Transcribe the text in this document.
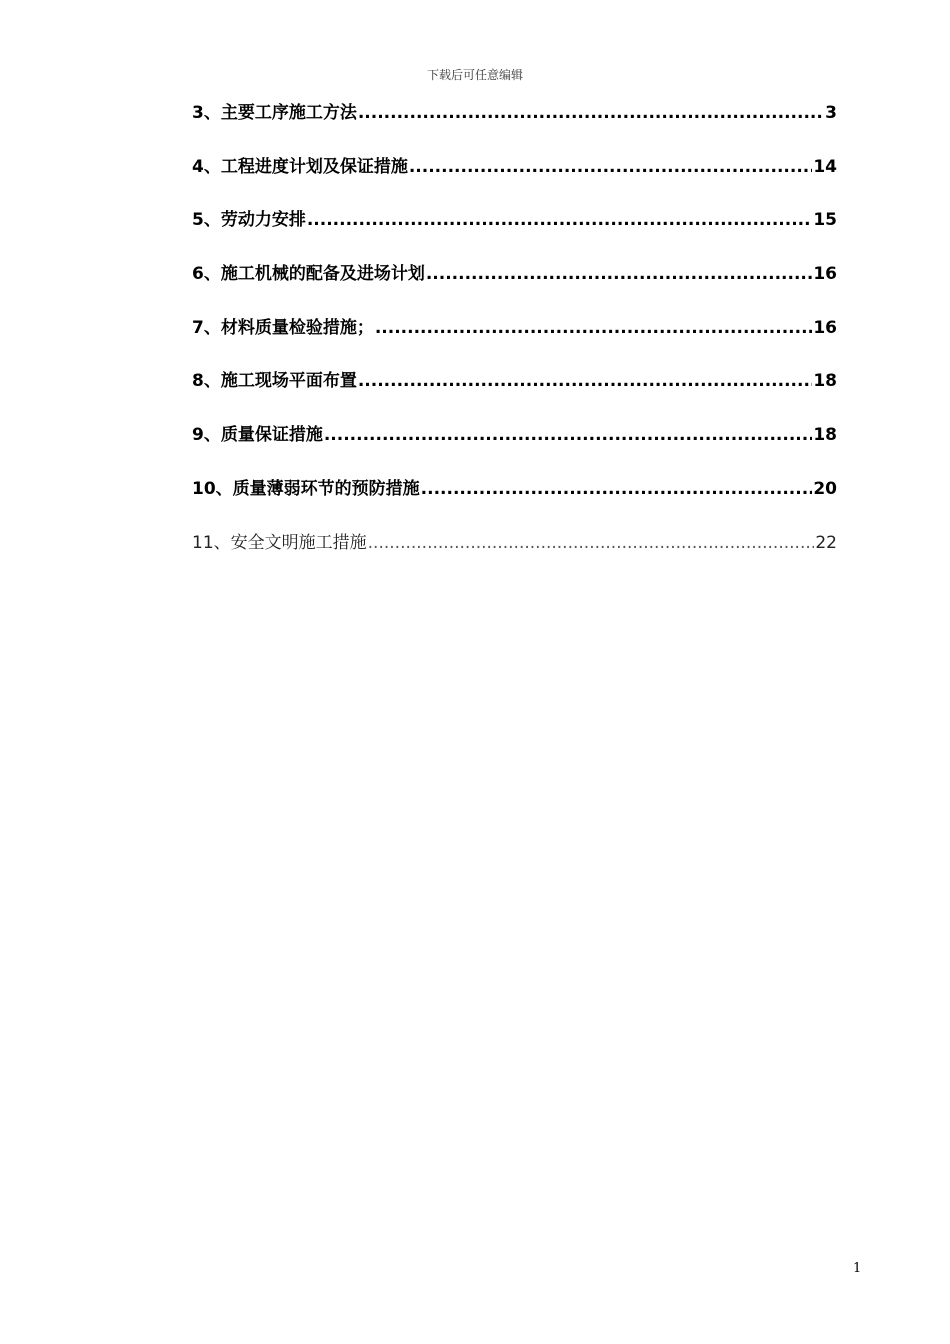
下载后可任意编辑
3、 主要工序施工方法 .....	3
4、 工程进度计划及保证措施 .....	14
5、 劳动力安排 .....	15
6、 施工机械的配备及进场计划 .....	16
7、 材料质量检验措施； .....	16
8、 施工现场平面布置 .....	18
9、 质量保证措施 .....	18
10、 质量薄弱环节的预防措施 .....	20
11、 安全文明施工措施 .....	22
1
